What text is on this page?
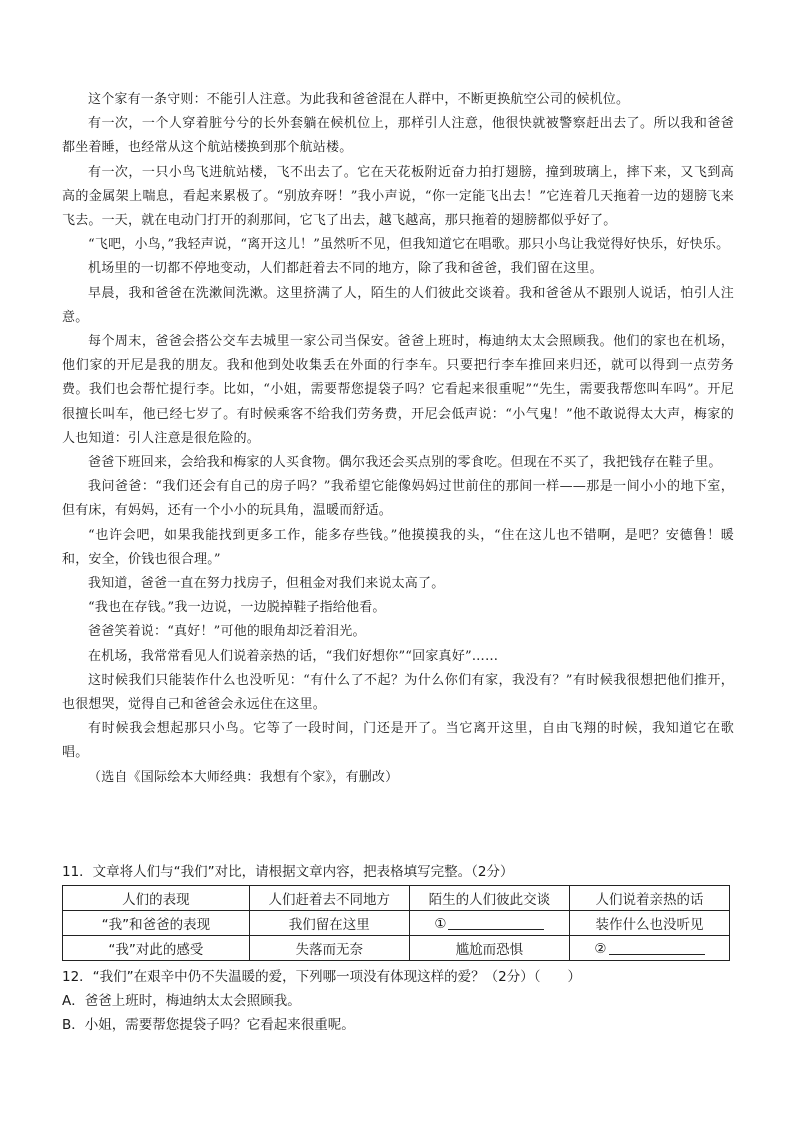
这个家有一条守则：不能引人注意。为此我和爸爸混在人群中，不断更换航空公司的候机位。

有一次，一个人穿着脏兮兮的长外套躺在候机位上，那样引人注意，他很快就被警察赶出去了。所以我和爸爸都坐着睡，也经常从这个航站楼换到那个航站楼。

有一次，一只小鸟飞进航站楼，飞不出去了。它在天花板附近奋力拍打翅膀，撞到玻璃上，摔下来，又飞到高高的金属架上喘息，看起来累极了。“别放弃呀！”我小声说，“你一定能飞出去！”它连着几天拖着一边的翅膀飞来飞去。一天，就在电动门打开的刹那间，它飞了出去，越飞越高，那只拖着的翅膀都似乎好了。

“飞吧，小鸟，”我轻声说，“离开这儿！”虽然听不见，但我知道它在唱歌。那只小鸟让我觉得好快乐，好快乐。

机场里的一切都不停地变动，人们都赶着去不同的地方，除了我和爸爸，我们留在这里。

早晨，我和爸爸在洗漱间洗漱。这里挤满了人，陌生的人们彼此交谈着。我和爸爸从不跟别人说话，怕引人注意。

每个周末，爸爸会搭公交车去城里一家公司当保安。爸爸上班时，梅迪纳太太会照顾我。他们的家也在机场，他们家的开尼是我的朋友。我和他到处收集丢在外面的行李车。只要把行李车推回来归还，就可以得到一点劳务费。我们也会帮忙提行李。比如，“小姐，需要帮您提袋子吗？它看起来很重呢”“先生，需要我帮您叫车吗”。开尼很擅长叫车，他已经七岁了。有时候乘客不给我们劳务费，开尼会低声说：“小气鬼！”他不敢说得太大声，梅家的人也知道：引人注意是很危险的。

爸爸下班回来，会给我和梅家的人买食物。偶尔我还会买点别的零食吃。但现在不买了，我把钱存在鞋子里。

我问爸爸：“我们还会有自己的房子吗？”我希望它能像妈妈过世前住的那间一样——那是一间小小的地下室，但有床，有妈妈，还有一个小小的玩具角，温暖而舒适。

“也许会吧，如果我能找到更多工作，能多存些钱。”他摸摸我的头，“住在这儿也不错啊，是吧？安德鲁！暖和，安全，价钱也很合理。”

我知道，爸爸一直在努力找房子，但租金对我们来说太高了。

“我也在存钱。”我一边说，一边脱掉鞋子指给他看。

爸爸笑着说：“真好！”可他的眼角却泛着泪光。

在机场，我常常看见人们说着亲热的话，“我们好想你”“回家真好”……

这时候我们只能装作什么也没听见：“有什么了不起？为什么你们有家，我没有？”有时候我很想把他们推开，也很想哭，觉得自己和爸爸会永远住在这里。

有时候我会想起那只小鸟。它等了一段时间，门还是开了。当它离开这里，自由飞翔的时候，我知道它在歌唱。

（选自《国际绘本大师经典：我想有个家》，有删改）

11．文章将人们与“我们”对比，请根据文章内容，把表格填写完整。（2分）

人们的表现	人们赶着去不同地方	陌生的人们彼此交谈	人们说着亲热的话
“我”和爸爸的表现	我们留在这里	①	装作什么也没听见
“我”对此的感受	失落而无奈	尴尬而恐惧	②

12．“我们”在艰辛中仍不失温暖的爱，下列哪一项没有体现这样的爱？（2分）（　　）

A．爸爸上班时，梅迪纳太太会照顾我。

B．小姐，需要帮您提袋子吗？它看起来很重呢。
